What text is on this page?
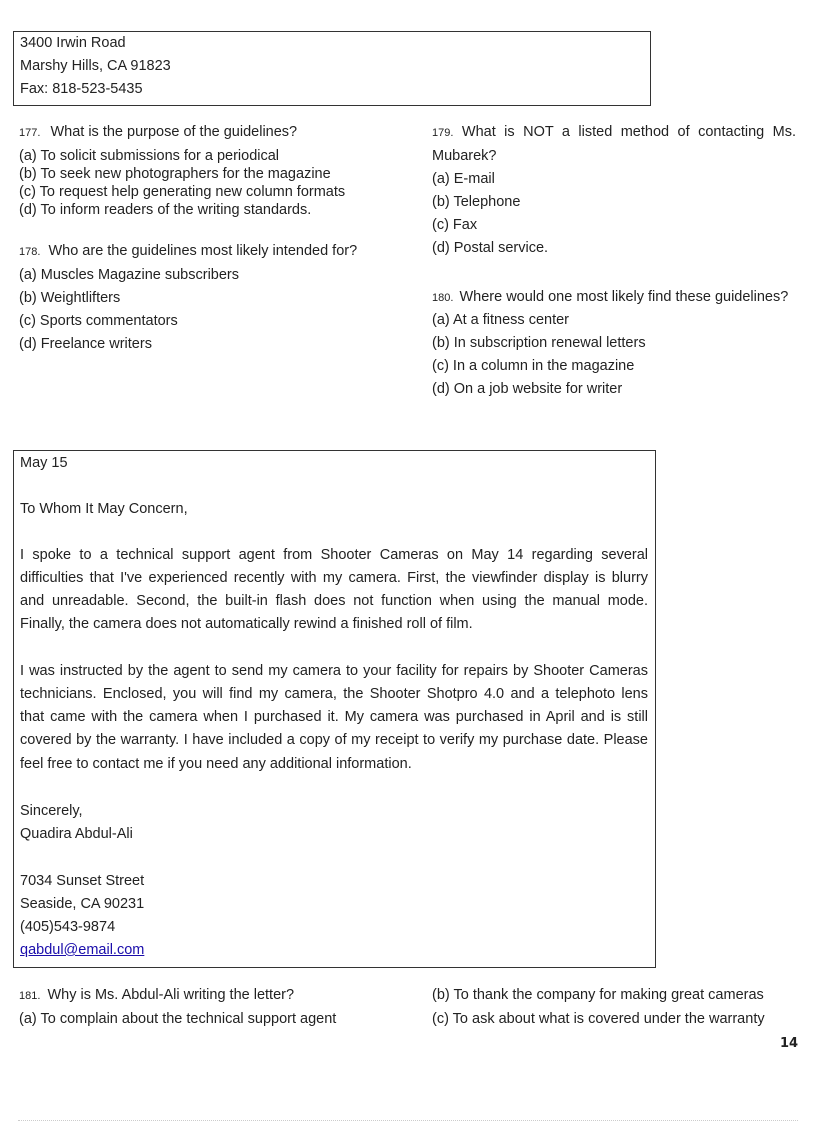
3400 Irwin Road
Marshy Hills, CA 91823
Fax: 818-523-5435
177. What is the purpose of the guidelines?
(a) To solicit submissions for a periodical
(b) To seek new photographers for the magazine
(c) To request help generating new column formats
(d) To inform readers of the writing standards.
178. Who are the guidelines most likely intended for?
(a) Muscles Magazine subscribers
(b) Weightlifters
(c) Sports commentators
(d) Freelance writers
179. What is NOT a listed method of contacting Ms.
Mubarek?
(a) E-mail
(b) Telephone
(c) Fax
(d) Postal service.
180. Where would one most likely find these guidelines?
(a) At a fitness center
(b) In subscription renewal letters
(c) In a column in the magazine
(d) On a job website for writer
May 15
To Whom It May Concern,
I spoke to a technical support agent from Shooter Cameras on May 14 regarding several
difficulties that I've experienced recently with my camera. First, the viewfinder display is blurry
and unreadable. Second, the built-in flash does not function when using the manual mode.
Finally, the camera does not automatically rewind a finished roll of film.
I was instructed by the agent to send my camera to your facility for repairs by Shooter Cameras
technicians. Enclosed, you will find my camera, the Shooter Shotpro 4.0 and a telephoto lens
that came with the camera when I purchased it. My camera was purchased in April and is still
covered by the warranty. I have included a copy of my receipt to verify my purchase date. Please
feel free to contact me if you need any additional information.
Sincerely,
Quadira Abdul-Ali
7034 Sunset Street
Seaside, CA 90231
(405)543-9874
qabdul@email.com
181. Why is Ms. Abdul-Ali writing the letter?
(a) To complain about the technical support agent
(b) To thank the company for making great cameras
(c) To ask about what is covered under the warranty
14
